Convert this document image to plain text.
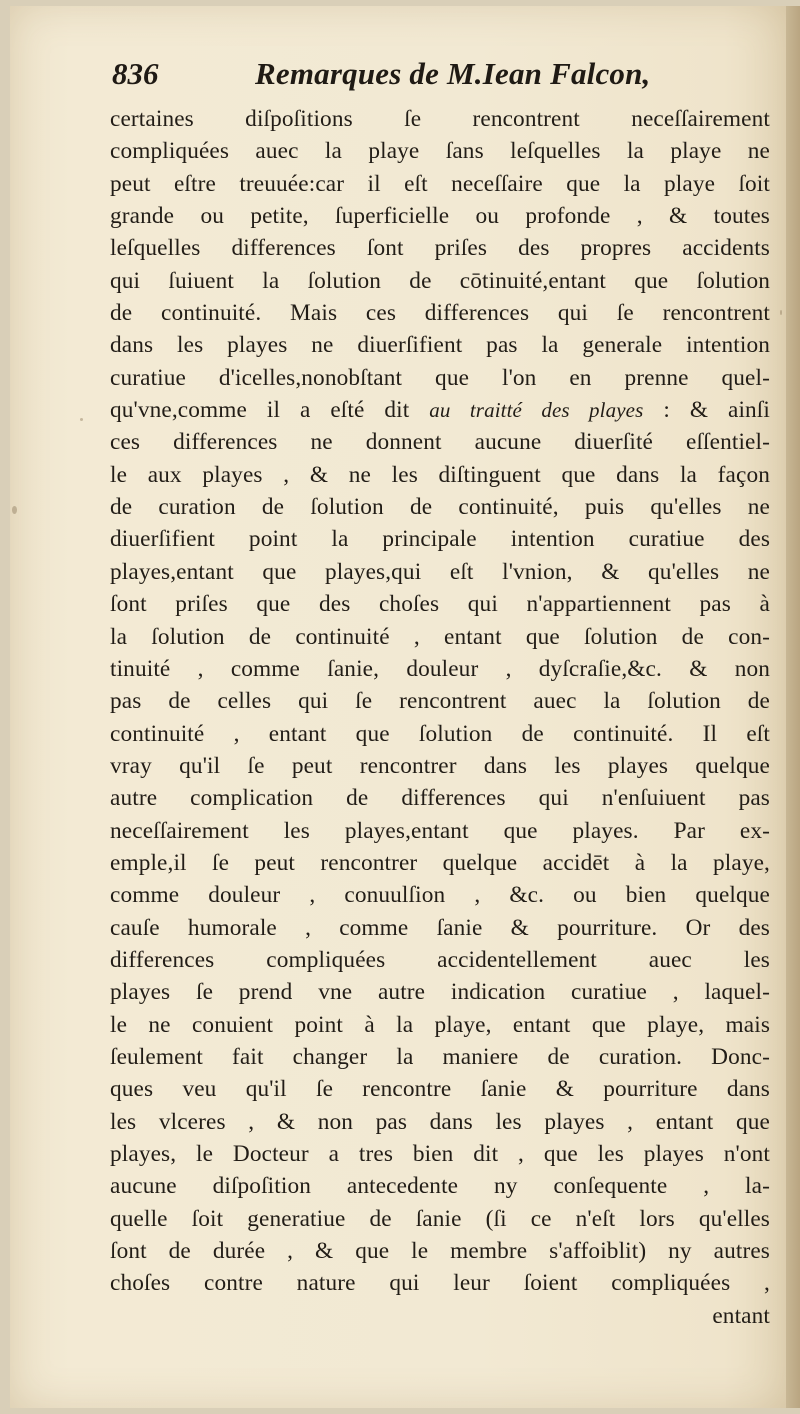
836	Remarques de M.Iean Falcon,
certaines diſpoſitions ſe rencontrent neceſſairement
compliquées auec la playe ſans leſquelles la playe ne
peut eſtre treuuée:car il eſt neceſſaire que la playe ſoit
grande ou petite, ſuperficielle ou profonde , & toutes
leſquelles differences ſont priſes des propres accidents
qui ſuiuent la ſolution de cōtinuité,entant que ſolution
de continuité. Mais ces differences qui ſe rencontrent
dans les playes ne diuerſifient pas la generale intention
curatiue d'icelles,nonobſtant que l'on en prenne quel-
qu'vne,comme il a eſté dit au traitté des playes : & ainſi
ces differences ne donnent aucune diuerſité eſſentiel-
le aux playes , & ne les diſtinguent que dans la façon
de curation de ſolution de continuité, puis qu'elles ne
diuerſifient point la principale intention curatiue des
playes,entant que playes,qui eſt l'vnion, & qu'elles ne
ſont priſes que des choſes qui n'appartiennent pas à
la ſolution de continuité , entant que ſolution de con-
tinuité , comme ſanie, douleur , dyſcraſie,&c. & non
pas de celles qui ſe rencontrent auec la ſolution de
continuité , entant que ſolution de continuité. Il eſt
vray qu'il ſe peut rencontrer dans les playes quelque
autre complication de differences qui n'enſuiuent pas
neceſſairement les playes,entant que playes. Par ex-
emple,il ſe peut rencontrer quelque accidēt à la playe,
comme douleur , conuulſion , &c. ou bien quelque
cauſe humorale , comme ſanie & pourriture. Or des
differences compliquées accidentellement auec les
playes ſe prend vne autre indication curatiue , laquel-
le ne conuient point à la playe, entant que playe, mais
ſeulement fait changer la maniere de curation. Donc-
ques veu qu'il ſe rencontre ſanie & pourriture dans
les vlceres , & non pas dans les playes , entant que
playes, le Docteur a tres bien dit , que les playes n'ont
aucune diſpoſition antecedente ny conſequente , la-
quelle ſoit generatiue de ſanie (ſi ce n'eſt lors qu'elles
ſont de durée , & que le membre s'affoiblit) ny autres
choſes contre nature qui leur ſoient compliquées ,
entant
